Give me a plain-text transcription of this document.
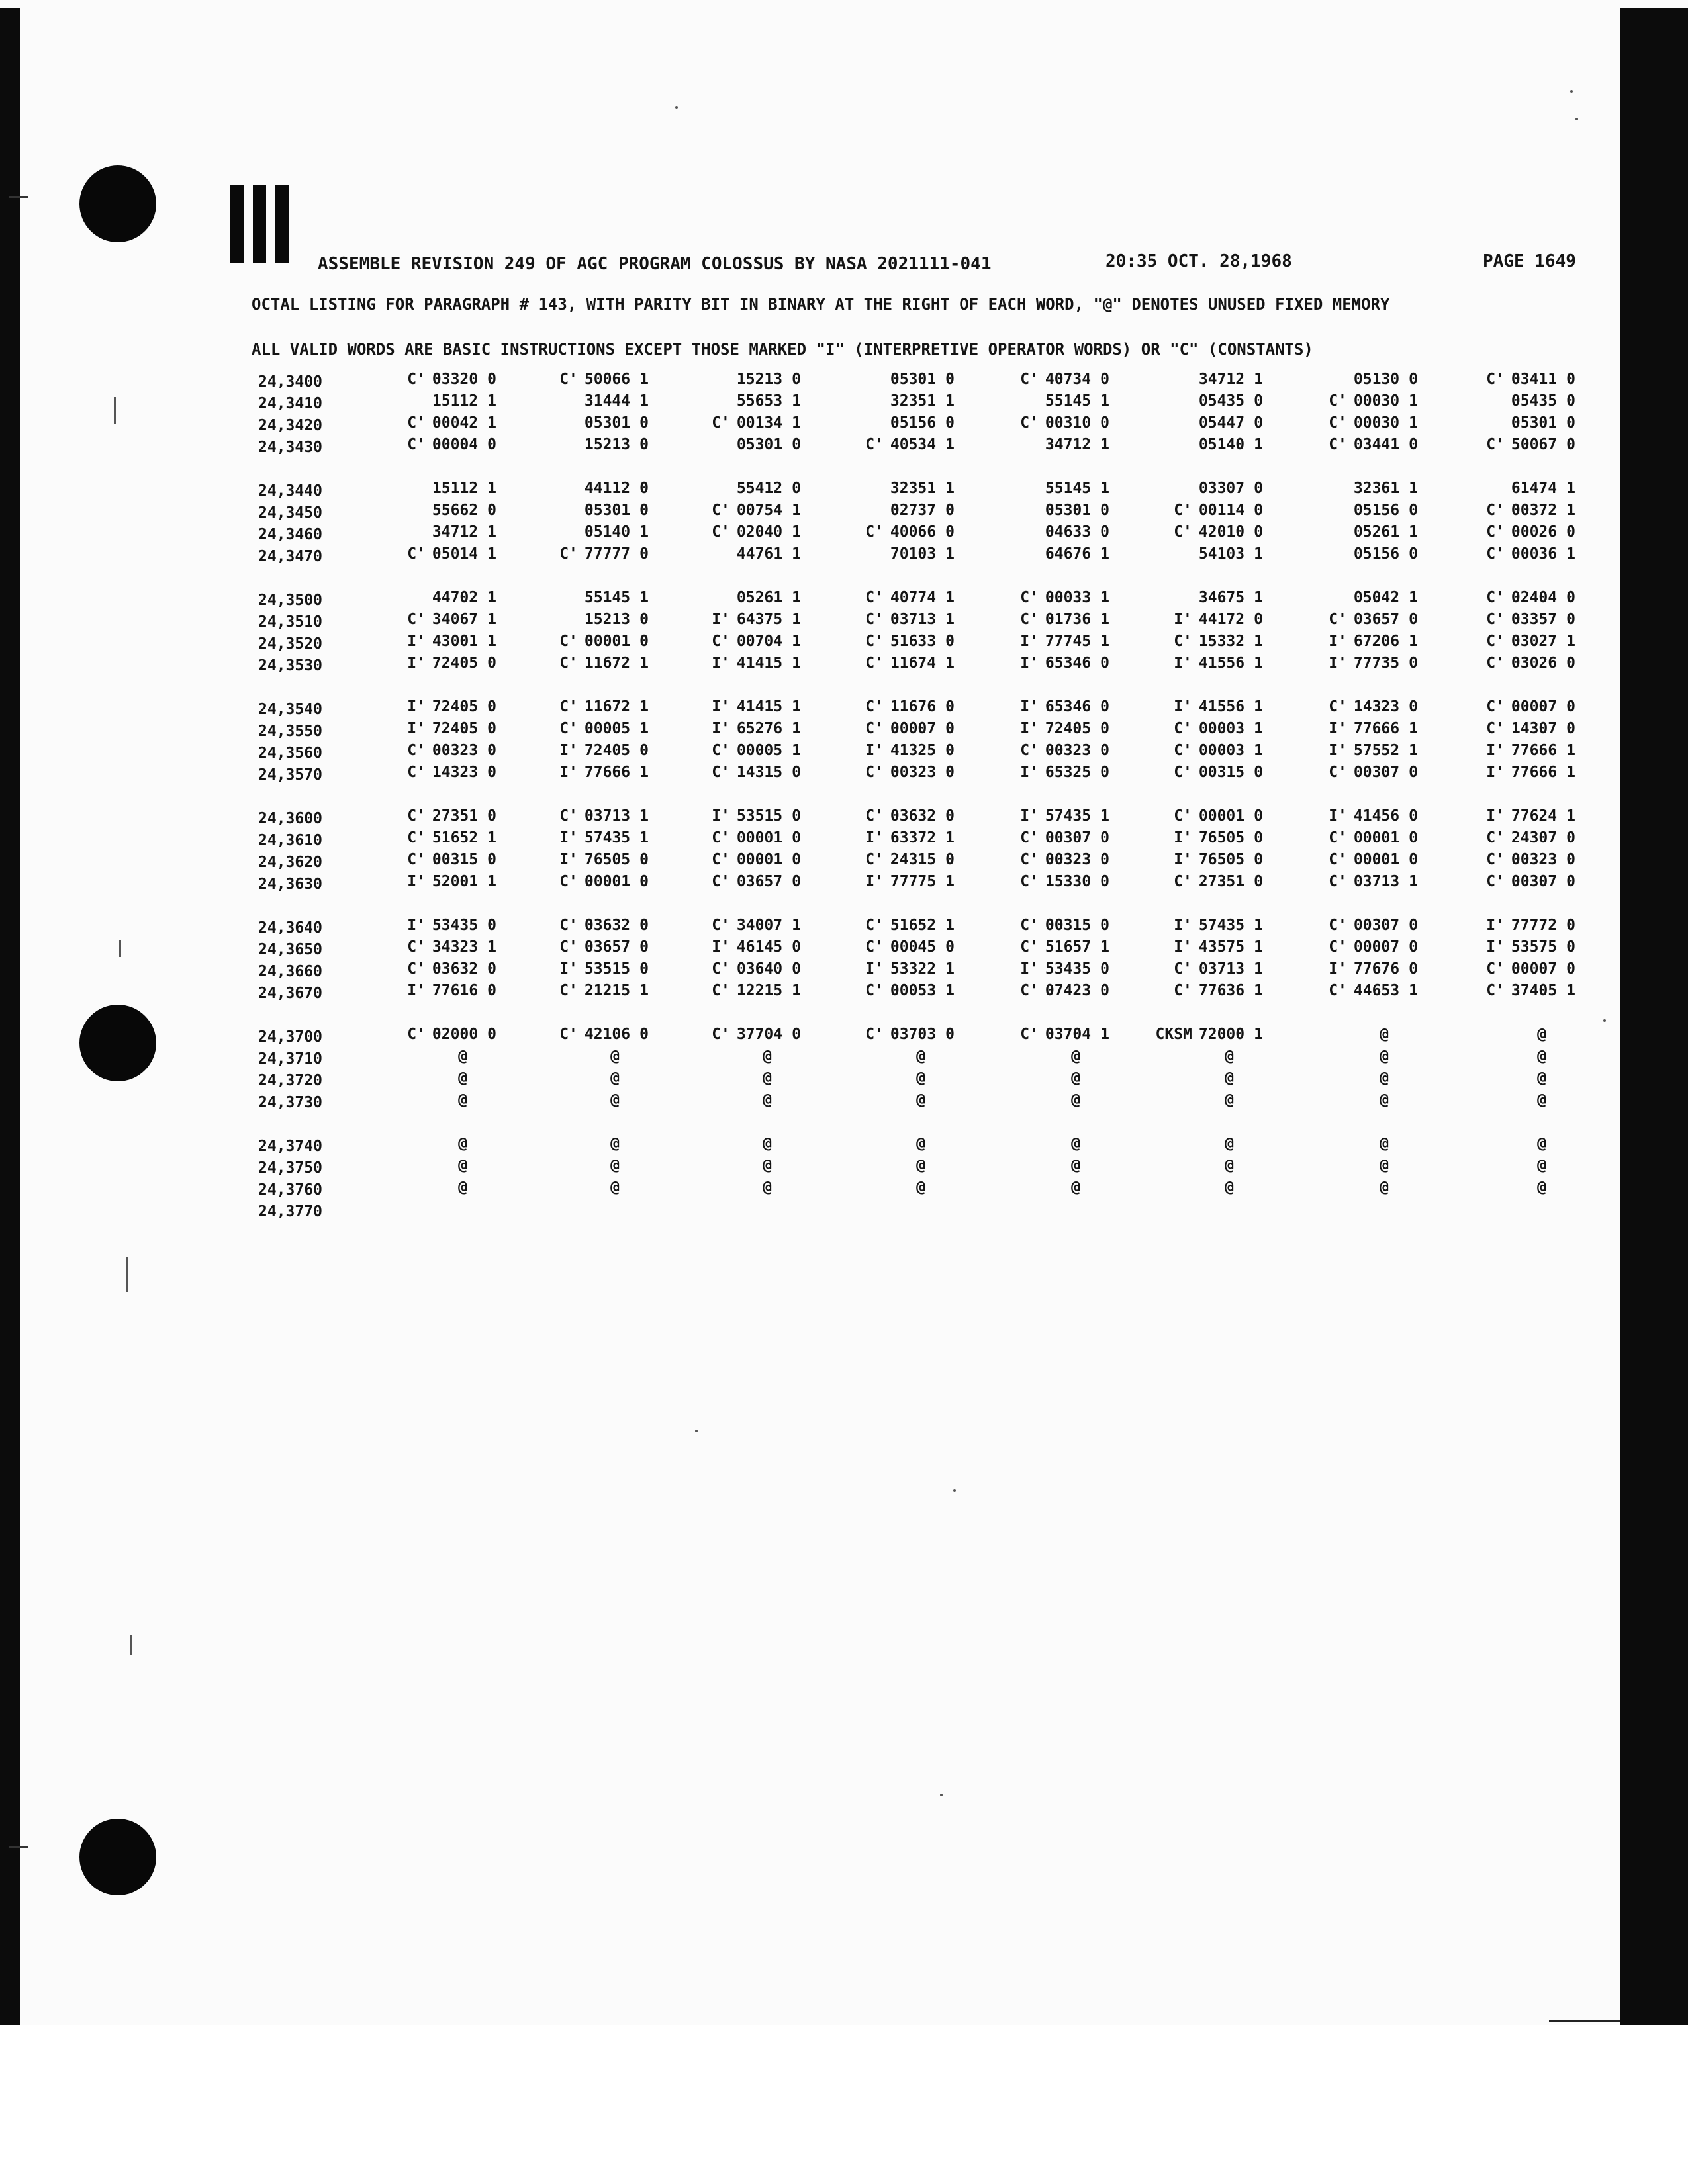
ASSEMBLE REVISION 249 OF AGC PROGRAM COLOSSUS BY NASA 2021111-041	20:35 OCT. 28,1968	PAGE 1649
OCTAL LISTING FOR PARAGRAPH # 143, WITH PARITY BIT IN BINARY AT THE RIGHT OF EACH WORD, "@" DENOTES UNUSED FIXED MEMORY
ALL VALID WORDS ARE BASIC INSTRUCTIONS EXCEPT THOSE MARKED "I" (INTERPRETIVE OPERATOR WORDS) OR "C" (CONSTANTS)
24,3400	C' 03320 0	C' 50066 1	15213 0	05301 0	C' 40734 0	34712 1	05130 0	C' 03411 0
24,3410	15112 1	31444 1	55653 1	32351 1	55145 1	05435 0	C' 00030 1	05435 0
24,3420	C' 00042 1	05301 0	C' 00134 1	05156 0	C' 00310 0	05447 0	C' 00030 1	05301 0
24,3430	C' 00004 0	15213 0	05301 0	C' 40534 1	34712 1	05140 1	C' 03441 0	C' 50067 0
24,3440	15112 1	44112 0	55412 0	32351 1	55145 1	03307 0	32361 1	61474 1
24,3450	55662 0	05301 0	C' 00754 1	02737 0	05301 0	C' 00114 0	05156 0	C' 00372 1
24,3460	34712 1	05140 1	C' 02040 1	C' 40066 0	04633 0	C' 42010 0	05261 1	C' 00026 0
24,3470	C' 05014 1	C' 77777 0	44761 1	70103 1	64676 1	54103 1	05156 0	C' 00036 1
24,3500	44702 1	55145 1	05261 1	C' 40774 1	C' 00033 1	34675 1	05042 1	C' 02404 0
24,3510	C' 34067 1	15213 0	I' 64375 1	C' 03713 1	C' 01736 1	I' 44172 0	C' 03657 0	C' 03357 0
24,3520	I' 43001 1	C' 00001 0	C' 00704 1	C' 51633 0	I' 77745 1	C' 15332 1	I' 67206 1	C' 03027 1
24,3530	I' 72405 0	C' 11672 1	I' 41415 1	C' 11674 1	I' 65346 0	I' 41556 1	I' 77735 0	C' 03026 0
24,3540	I' 72405 0	C' 11672 1	I' 41415 1	C' 11676 0	I' 65346 0	I' 41556 1	C' 14323 0	C' 00007 0
24,3550	I' 72405 0	C' 00005 1	I' 65276 1	C' 00007 0	I' 72405 0	C' 00003 1	I' 77666 1	C' 14307 0
24,3560	C' 00323 0	I' 72405 0	C' 00005 1	I' 41325 0	C' 00323 0	C' 00003 1	I' 57552 1	I' 77666 1
24,3570	C' 14323 0	I' 77666 1	C' 14315 0	C' 00323 0	I' 65325 0	C' 00315 0	C' 00307 0	I' 77666 1
24,3600	C' 27351 0	C' 03713 1	I' 53515 0	C' 03632 0	I' 57435 1	C' 00001 0	I' 41456 0	I' 77624 1
24,3610	C' 51652 1	I' 57435 1	C' 00001 0	I' 63372 1	C' 00307 0	I' 76505 0	C' 00001 0	C' 24307 0
24,3620	C' 00315 0	I' 76505 0	C' 00001 0	C' 24315 0	C' 00323 0	I' 76505 0	C' 00001 0	C' 00323 0
24,3630	I' 52001 1	C' 00001 0	C' 03657 0	I' 77775 1	C' 15330 0	C' 27351 0	C' 03713 1	C' 00307 0
24,3640	I' 53435 0	C' 03632 0	C' 34007 1	C' 51652 1	C' 00315 0	I' 57435 1	C' 00307 0	I' 77772 0
24,3650	C' 34323 1	C' 03657 0	I' 46145 0	C' 00045 0	C' 51657 1	I' 43575 1	C' 00007 0	I' 53575 0
24,3660	C' 03632 0	I' 53515 0	C' 03640 0	I' 53322 1	I' 53435 0	C' 03713 1	I' 77676 0	C' 00007 0
24,3670	I' 77616 0	C' 21215 1	C' 12215 1	C' 00053 1	C' 07423 0	C' 77636 1	C' 44653 1	C' 37405 1
24,3700	C' 02000 0	C' 42106 0	C' 37704 0	C' 03703 0	C' 03704 1	CKSM 72000 1	@	@
24,3710	@	@	@	@	@	@	@	@
24,3720	@	@	@	@	@	@	@	@
24,3730	@	@	@	@	@	@	@	@
24,3740	@	@	@	@	@	@	@	@
24,3750	@	@	@	@	@	@	@	@
24,3760	@	@	@	@	@	@	@	@
24,3770
